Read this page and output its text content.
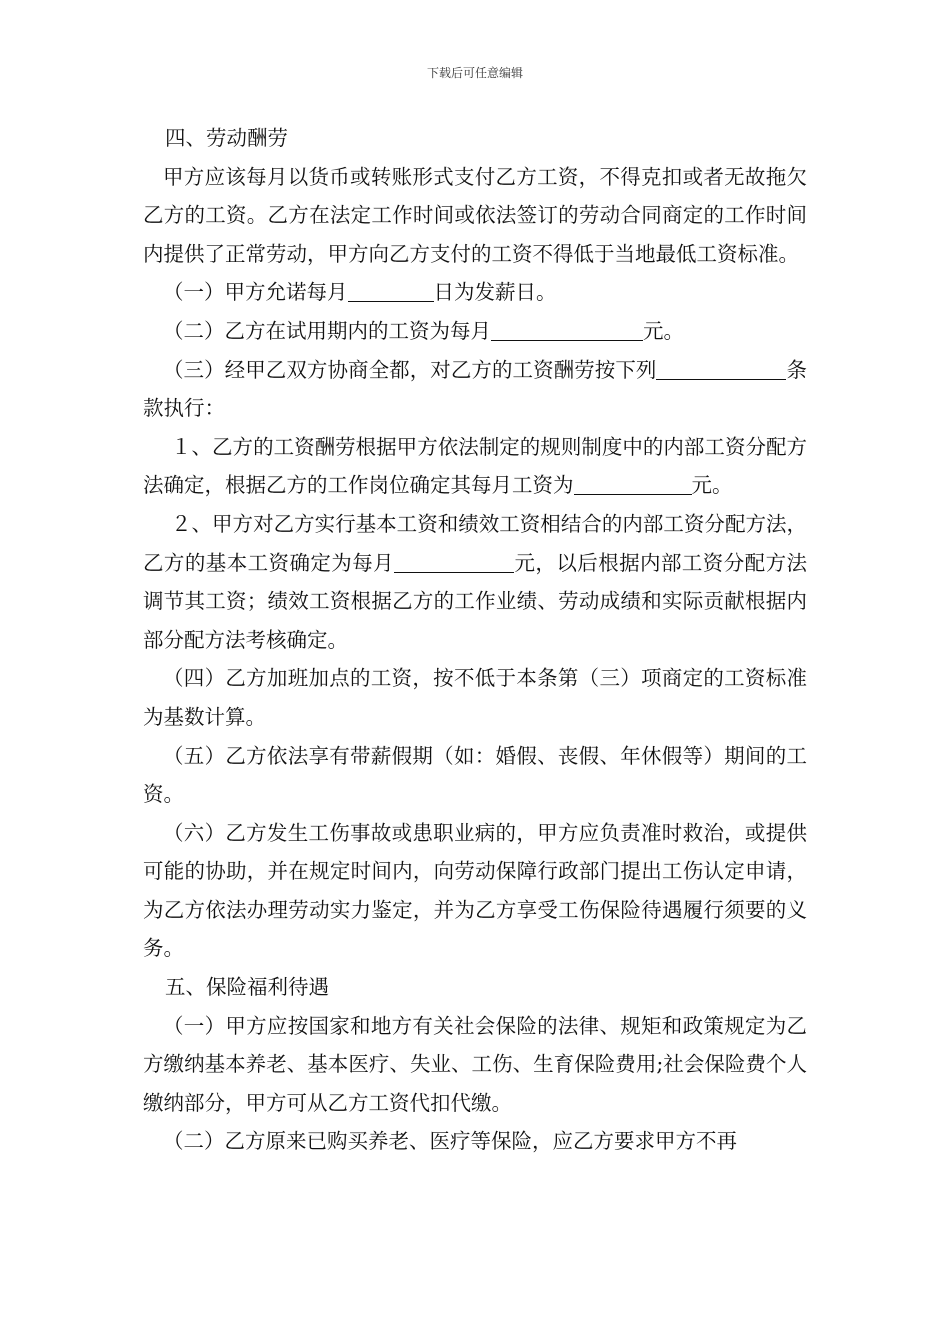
下载后可任意编辑

四、劳动酬劳

甲方应该每月以货币或转账形式支付乙方工资，不得克扣或者无故拖欠乙方的工资。乙方在法定工作时间或依法签订的劳动合同商定的工作时间内提供了正常劳动，甲方向乙方支付的工资不得低于当地最低工资标准。

（一）甲方允诺每月	日为发薪日。

（二）乙方在试用期内的工资为每月	元。

（三）经甲乙双方协商全都，对乙方的工资酬劳按下列	条款执行：

１、乙方的工资酬劳根据甲方依法制定的规则制度中的内部工资分配方法确定，根据乙方的工作岗位确定其每月工资为	元。

２、甲方对乙方实行基本工资和绩效工资相结合的内部工资分配方法，乙方的基本工资确定为每月	元，以后根据内部工资分配方法调节其工资；绩效工资根据乙方的工作业绩、劳动成绩和实际贡献根据内部分配方法考核确定。

（四）乙方加班加点的工资，按不低于本条第（三）项商定的工资标准为基数计算。

（五）乙方依法享有带薪假期（如：婚假、丧假、年休假等）期间的工资。

（六）乙方发生工伤事故或患职业病的，甲方应负责准时救治，或提供可能的协助，并在规定时间内，向劳动保障行政部门提出工伤认定申请，为乙方依法办理劳动实力鉴定，并为乙方享受工伤保险待遇履行须要的义务。

五、保险福利待遇

（一）甲方应按国家和地方有关社会保险的法律、规矩和政策规定为乙方缴纳基本养老、基本医疗、失业、工伤、生育保险费用;社会保险费个人缴纳部分，甲方可从乙方工资代扣代缴。

（二）乙方原来已购买养老、医疗等保险，应乙方要求甲方不再
